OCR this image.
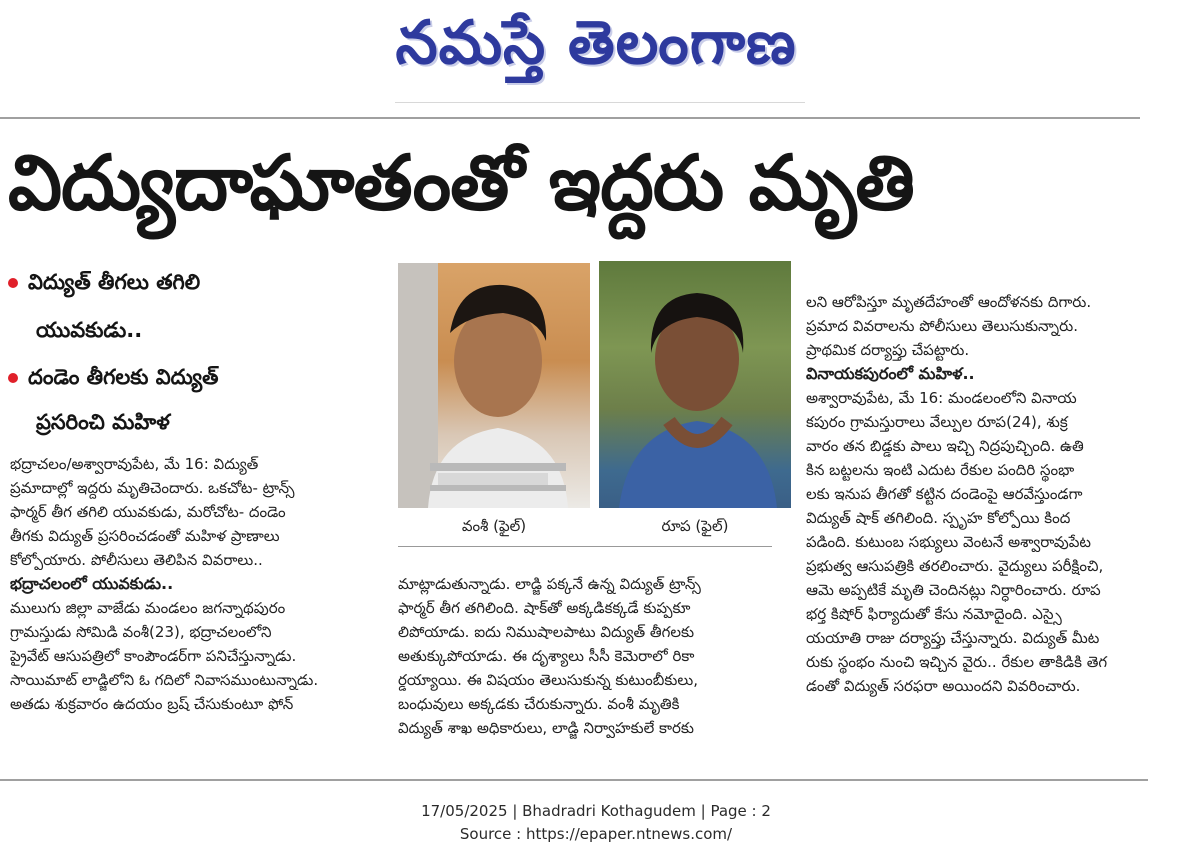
నమస్తే తెలంగాణ
విద్యుదాఘాతంతో ఇద్దరు మృతి
విద్యుత్ తీగలు తగిలి
యువకుడు..
దండెం తీగలకు విద్యుత్
ప్రసరించి మహిళ
భద్రాచలం/అశ్వారావుపేట, మే 16: విద్యుత్
ప్రమాదాల్లో ఇద్దరు మృతిచెందారు. ఒకచోట- ట్రాన్స్
ఫార్మర్ తీగ తగిలి యువకుడు, మరోచోట- దండెం
తీగకు విద్యుత్ ప్రసరించడంతో మహిళ ప్రాణాలు
కోల్పోయారు. పోలీసులు తెలిపిన వివరాలు..
భద్రాచలంలో యువకుడు..
ములుగు జిల్లా వాజేడు మండలం జగన్నాథపురం
గ్రామస్తుడు సోమిడి వంశీ(23), భద్రాచలంలోని
ప్రైవేట్ ఆసుపత్రిలో కాంపౌండర్‌గా పనిచేస్తున్నాడు.
సాయిమాట్ లాడ్జిలోని ఓ గదిలో నివాసముంటున్నాడు.
అతడు శుక్రవారం ఉదయం బ్రష్ చేసుకుంటూ ఫోన్
వంశీ (ఫైల్)	రూప (ఫైల్)
మాట్లాడుతున్నాడు. లాడ్జి పక్కనే ఉన్న విద్యుత్ ట్రాన్స్
ఫార్మర్ తీగ తగిలింది. షాక్‌తో అక్కడికక్కడే కుప్పకూ
లిపోయాడు. ఐదు నిముషాలపాటు విద్యుత్ తీగలకు
అతుక్కుపోయాడు. ఈ దృశ్యాలు సీసీ కెమెరాలో రికా
ర్డయ్యాయి. ఈ విషయం తెలుసుకున్న కుటుంబీకులు,
బంధువులు అక్కడకు చేరుకున్నారు. వంశీ మృతికి
విద్యుత్ శాఖ అధికారులు, లాడ్జి నిర్వాహకులే కారకు
లని ఆరోపిస్తూ మృతదేహంతో ఆందోళనకు దిగారు.
ప్రమాద వివరాలను పోలీసులు తెలుసుకున్నారు.
ప్రాథమిక దర్యాప్తు చేపట్టారు.
వినాయకపురంలో మహిళ..
అశ్వారావుపేట, మే 16: మండలంలోని వినాయ
కపురం గ్రామస్తురాలు వేల్పుల రూప(24), శుక్ర
వారం తన బిడ్డకు పాలు ఇచ్చి నిద్రపుచ్చింది. ఉతి
కిన బట్టలను ఇంటి ఎదుట రేకుల పందిరి స్థంభా
లకు ఇనుప తీగతో కట్టిన దండెంపై ఆరవేస్తుండగా
విద్యుత్ షాక్ తగిలింది. స్పృహ కోల్పోయి కింద
పడింది. కుటుంబ సభ్యులు వెంటనే అశ్వారావుపేట
ప్రభుత్వ ఆసుపత్రికి తరలించారు. వైద్యులు పరీక్షించి,
ఆమె అప్పటికే మృతి చెందినట్లు నిర్ధారించారు. రూప
భర్త కిషోర్ ఫిర్యాదుతో కేసు నమోదైంది. ఎస్సై
యయాతి రాజు దర్యాప్తు చేస్తున్నారు. విద్యుత్ మీట
రుకు స్థంభం నుంచి ఇచ్చిన వైరు.. రేకుల తాకిడికి తెగ
డంతో విద్యుత్ సరఫరా అయిందని వివరించారు.
17/05/2025 | Bhadradri Kothagudem | Page : 2
Source : https://epaper.ntnews.com/
